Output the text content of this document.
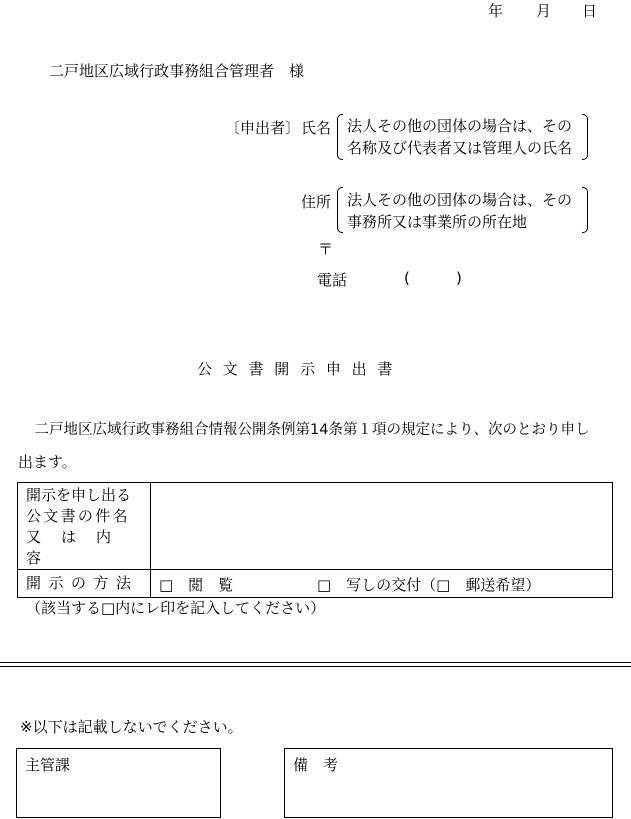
年 月 日
二戸地区広域行政事務組合管理者　様
〔申出者〕 氏名 法人その他の団体の場合は、その
名称及び代表者又は管理人の氏名
住所 法人その他の団体の場合は、その
事務所又は事業所の所在地
〒
電話	(	)
公 文 書 開 示 申 出 書
　二戸地区広域行政事務組合情報公開条例第14条第１項の規定により、次のとおり申し
出ます。
開示を申し出る
公文書の件名
又は内容	

開示の方法	□　閲　覧 □　写しの交付（□　郵送希望）
（該当する□内にレ印を記入してください）
※以下は記載しないでください。
主管課	備　考
